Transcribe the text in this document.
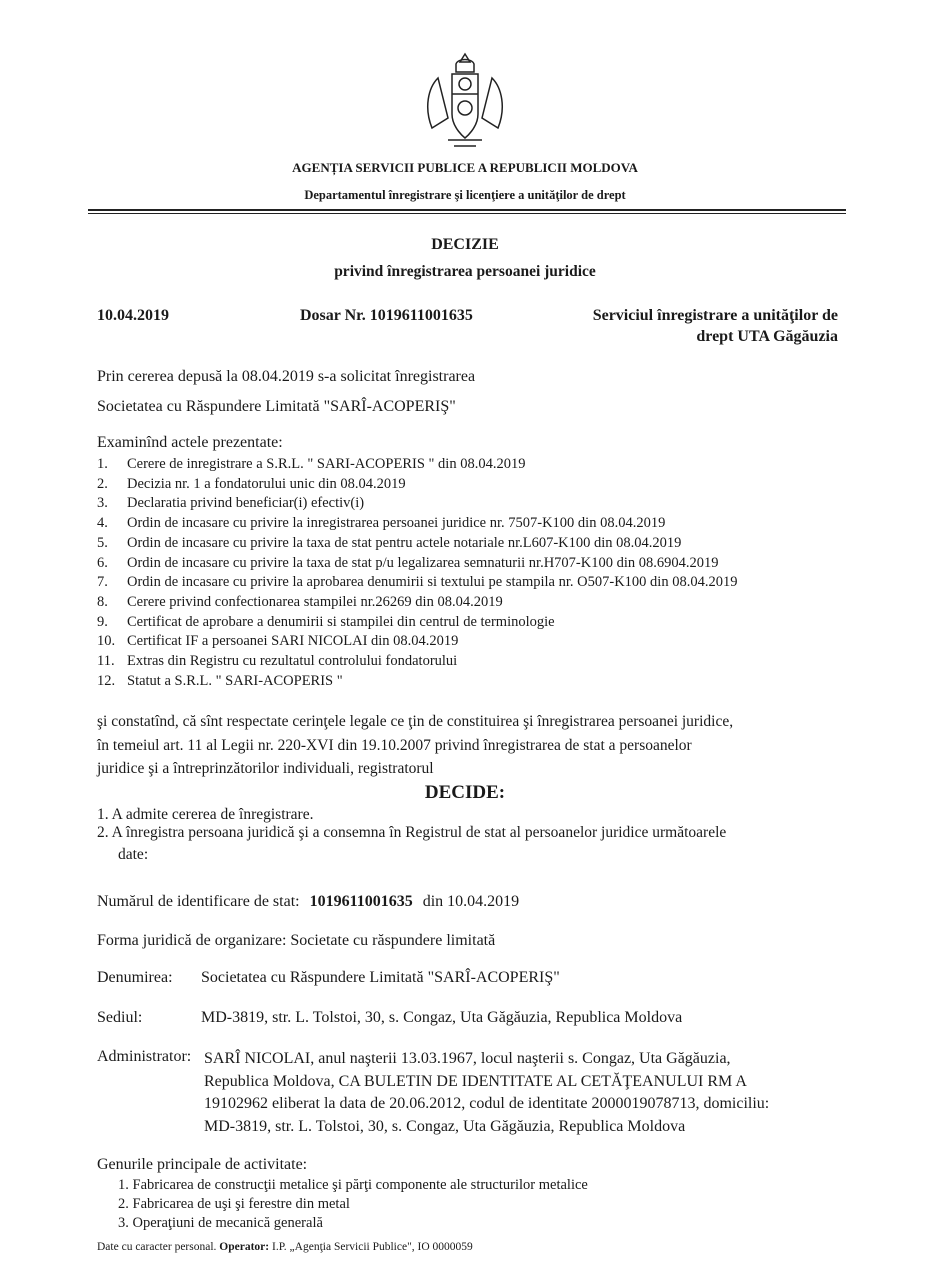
AGENȚIA SERVICII PUBLICE A REPUBLICII MOLDOVA
Departamentul înregistrare şi licenţiere a unităţilor de drept
DECIZIE
privind înregistrarea persoanei juridice
10.04.2019	Dosar Nr. 1019611001635	Serviciul înregistrare a unităţilor de
drept UTA Găgăuzia
Prin cererea depusă la 08.04.2019 s-a solicitat înregistrarea
Societatea cu Răspundere Limitată "SARÎ-ACOPERIŞ"
Examinînd actele prezentate:
1. Cerere de inregistrare a S.R.L. " SARI-ACOPERIS " din 08.04.2019
2. Decizia nr. 1 a fondatorului unic din 08.04.2019
3. Declaratia privind beneficiar(i) efectiv(i)
4. Ordin de incasare cu privire la inregistrarea persoanei juridice nr. 7507-K100 din 08.04.2019
5. Ordin de incasare cu privire la taxa de stat pentru actele notariale nr.L607-K100 din 08.04.2019
6. Ordin de incasare cu privire la taxa de stat p/u legalizarea semnaturii nr.H707-K100 din 08.6904.2019
7. Ordin de incasare cu privire la aprobarea denumirii si textului pe stampila nr. O507-K100 din 08.04.2019
8. Cerere privind confectionarea stampilei nr.26269 din 08.04.2019
9. Certificat de aprobare a denumirii si stampilei din centrul de terminologie
10. Certificat IF a persoanei SARI NICOLAI din 08.04.2019
11. Extras din Registru cu rezultatul controlului fondatorului
12. Statut a S.R.L. " SARI-ACOPERIS "
şi constatînd, că sînt respectate cerinţele legale ce ţin de constituirea şi înregistrarea persoanei juridice,
în temeiul art. 11 al Legii nr. 220-XVI din 19.10.2007 privind înregistrarea de stat a persoanelor
juridice şi a întreprinzătorilor individuali, registratorul
DECIDE:
1. A admite cererea de înregistrare.
2. A înregistra persoana juridică şi a consemna în Registrul de stat al persoanelor juridice următoarele
date:
Numărul de identificare de stat: 1019611001635 din 10.04.2019
Forma juridică de organizare: Societate cu răspundere limitată
Denumirea: Societatea cu Răspundere Limitată "SARÎ-ACOPERIŞ"
Sediul:	MD-3819, str. L. Tolstoi, 30, s. Congaz, Uta Găgăuzia, Republica Moldova
Administrator: SARÎ NICOLAI, anul naşterii 13.03.1967, locul naşterii s. Congaz, Uta Găgăuzia,
Republica Moldova, CA BULETIN DE IDENTITATE AL CETĂŢEANULUI RM A
19102962 eliberat la data de 20.06.2012, codul de identitate 2000019078713, domiciliu:
MD-3819, str. L. Tolstoi, 30, s. Congaz, Uta Găgăuzia, Republica Moldova
Genurile principale de activitate:
1. Fabricarea de construcţii metalice şi părţi componente ale structurilor metalice
2. Fabricarea de uşi şi ferestre din metal
3. Operaţiuni de mecanică generală
Date cu caracter personal. Operator: I.P. „Agenţia Servicii Publice", IO 0000059
